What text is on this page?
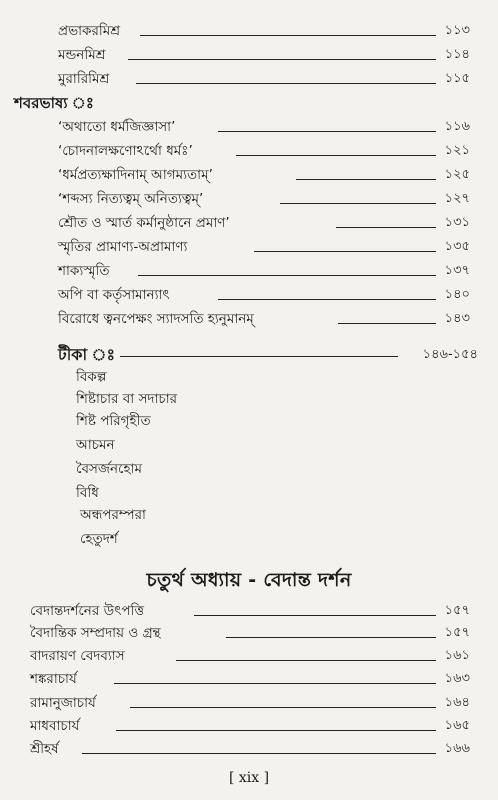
প্রভাকরমিশ্র	১১৩
মন্ডনমিশ্র	১১৪
মুরারিমিশ্র	১১৫
শবরভাষ্য ঃ
‘অথাতো ধর্মজিজ্ঞাসা’	১১৬
‘চোদনালক্ষণোঽর্থো ধর্মঃ’	১২১
‘ধর্মপ্রত্যক্ষাদিনাম্ আগম্যতাম্’	১২৫
‘শব্দস্য নিত্যত্বম্ অনিত্যত্বম্’	১২৭
শ্রৌত ও স্মার্ত কর্মানুষ্ঠানে প্রমাণ’	১৩১
স্মৃতির প্রামাণ্য-অপ্রামাণ্য	১৩৫
শাক্যস্মৃতি	১৩৭
অপি বা কর্তৃসামান্যাৎ	১৪০
বিরোধে ত্বনপেক্ষং স্যাদসতি হ্যনুমানম্	১৪৩
টীকা ঃ	১৪৬-১৫৪
বিকল্প
শিষ্টাচার বা সদাচার
শিষ্ট পরিগৃহীত
আচমন
বৈসর্জনহোম
বিধি
অন্ধপরম্পরা
হেতুদর্শ
চতুর্থ অধ্যায় - বেদান্ত দর্শন
বেদান্তদর্শনের উৎপত্তি	১৫৭
বৈদান্তিক সম্প্রদায় ও গ্রন্থ	১৫৭
বাদরায়ণ বেদব্যাস	১৬১
শঙ্করাচার্য	১৬৩
রামানুজাচার্য	১৬৪
মাধবাচার্য	১৬৫
শ্রীহর্ষ	১৬৬
[ xix ]
